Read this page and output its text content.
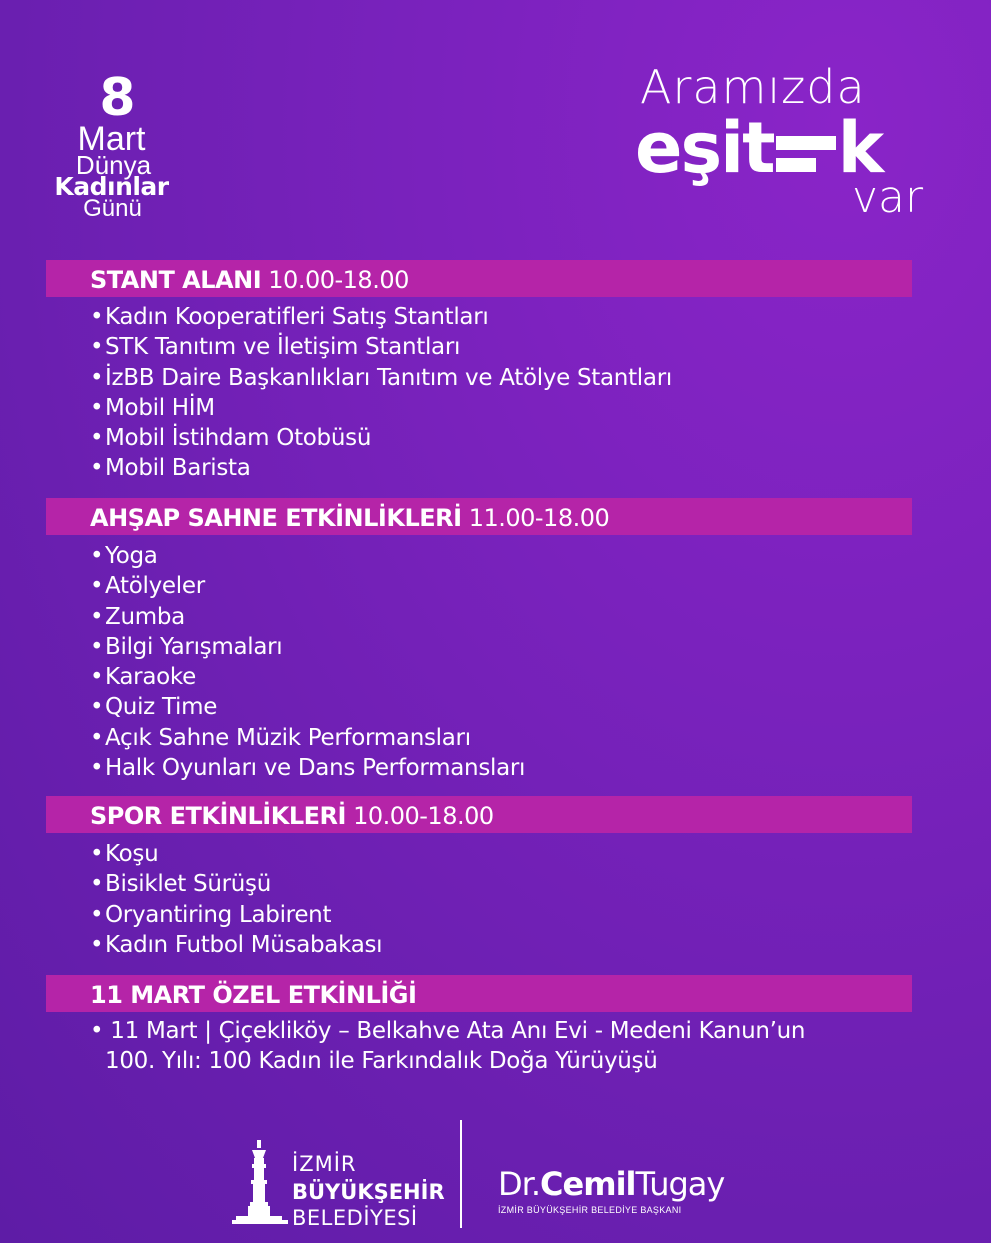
8
Mart
Dünya
Kadınlar
Günü
Aramızda
eşit k
var
STANT ALANI 10.00-18.00
•Kadın Kooperatifleri Satış Stantları
•STK Tanıtım ve İletişim Stantları
•İzBB Daire Başkanlıkları Tanıtım ve Atölye Stantları
•Mobil HİM
•Mobil İstihdam Otobüsü
•Mobil Barista
AHŞAP SAHNE ETKİNLİKLERİ 11.00-18.00
•Yoga
•Atölyeler
•Zumba
•Bilgi Yarışmaları
•Karaoke
•Quiz Time
•Açık Sahne Müzik Performansları
•Halk Oyunları ve Dans Performansları
SPOR ETKİNLİKLERİ 10.00-18.00
•Koşu
•Bisiklet Sürüşü
•Oryantiring Labirent
•Kadın Futbol Müsabakası
11 MART ÖZEL ETKİNLİĞİ
• 11 Mart | Çiçekliköy – Belkahve Ata Anı Evi - Medeni Kanun’un
100. Yılı: 100 Kadın ile Farkındalık Doğa Yürüyüşü
İZMİR
BÜYÜKŞEHİR
BELEDİYESİ
Dr.CemilTugay
İZMİR BÜYÜKŞEHİR BELEDİYE BAŞKANI
